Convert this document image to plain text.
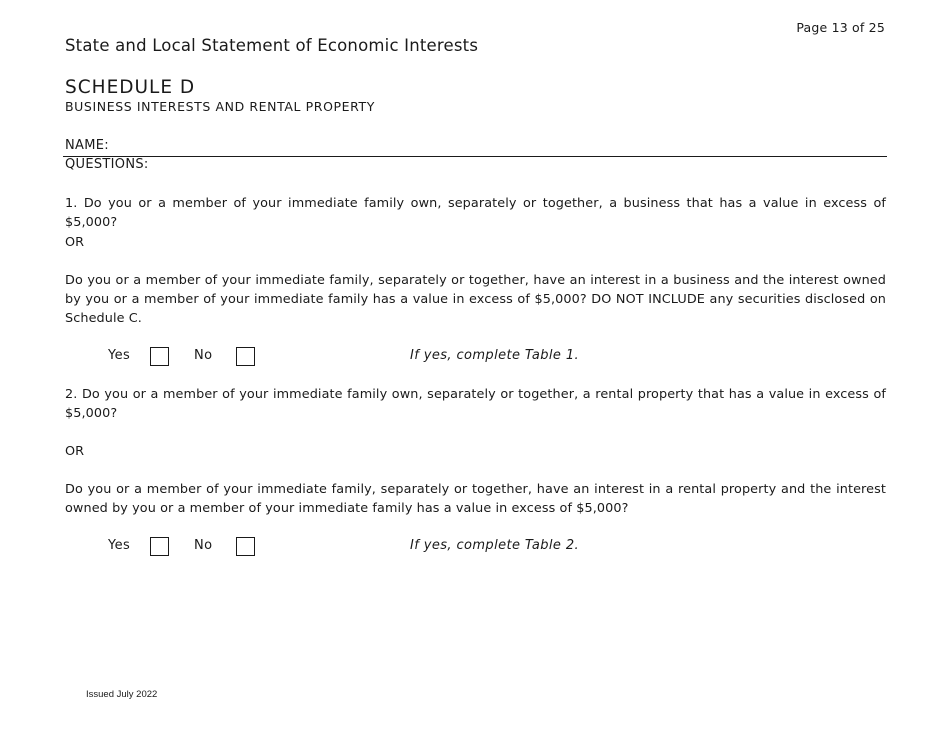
Page 13 of 25
State and Local Statement of Economic Interests
SCHEDULE D
BUSINESS INTERESTS AND RENTAL PROPERTY
NAME:
QUESTIONS:
1. Do you or a member of your immediate family own, separately or together, a business that has a value in excess of $5,000?
OR
Do you or a member of your immediate family, separately or together, have an interest in a business and the interest owned by you or a member of your immediate family has a value in excess of $5,000? DO NOT INCLUDE any securities disclosed on Schedule C.
Yes	No	If yes, complete Table 1.
2. Do you or a member of your immediate family own, separately or together, a rental property that has a value in excess of $5,000?
OR
Do you or a member of your immediate family, separately or together, have an interest in a rental property and the interest owned by you or a member of your immediate family has a value in excess of $5,000?
Yes	No	If yes, complete Table 2.
Issued July 2022
